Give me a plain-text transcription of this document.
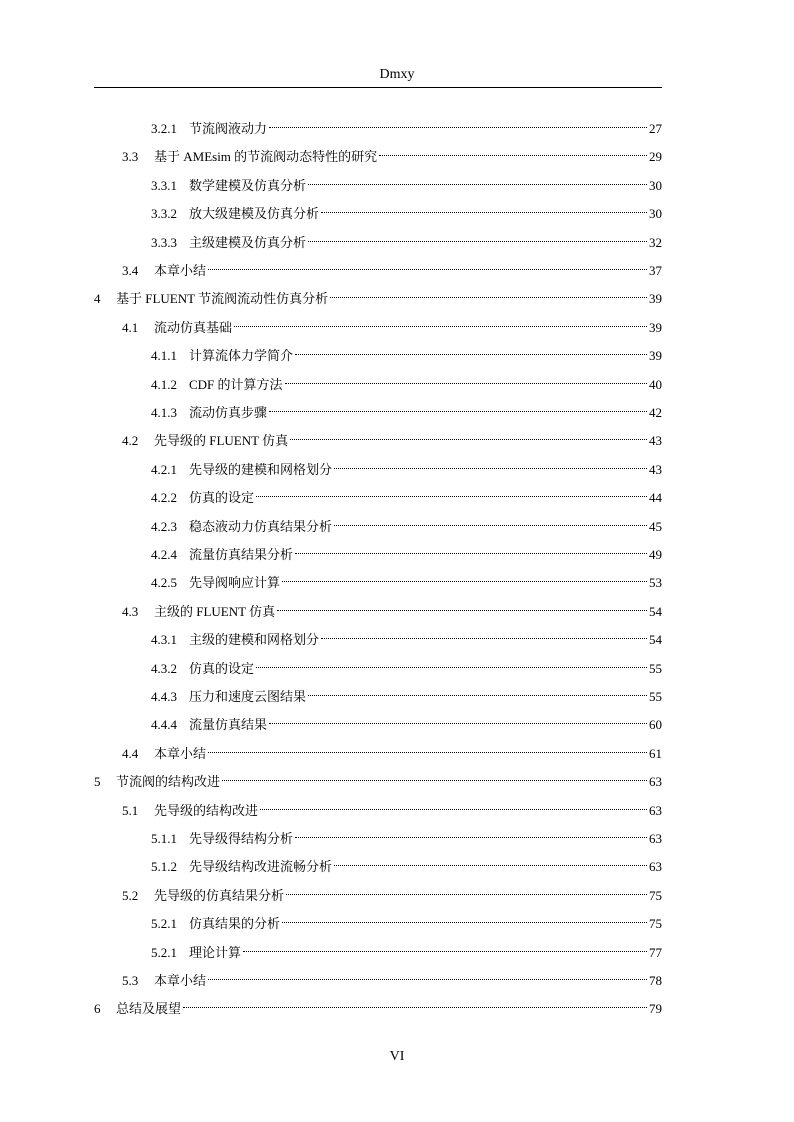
Dmxy
3.2.1 节流阀液动力	27
3.3	基于 AMEsim 的节流阀动态特性的研究	29
3.3.1 数学建模及仿真分析	30
3.3.2 放大级建模及仿真分析	30
3.3.3 主级建模及仿真分析	32
3.4	本章小结	37
4	基于 FLUENT 节流阀流动性仿真分析	39
4.1	流动仿真基础	39
4.1.1 计算流体力学简介	39
4.1.2 CDF 的计算方法	40
4.1.3 流动仿真步骤	42
4.2	先导级的 FLUENT 仿真	43
4.2.1 先导级的建模和网格划分	43
4.2.2 仿真的设定	44
4.2.3 稳态液动力仿真结果分析	45
4.2.4 流量仿真结果分析	49
4.2.5 先导阀响应计算	53
4.3	主级的 FLUENT 仿真	54
4.3.1 主级的建模和网格划分	54
4.3.2 仿真的设定	55
4.4.3 压力和速度云图结果	55
4.4.4 流量仿真结果	60
4.4	本章小结	61
5	节流阀的结构改进	63
5.1	先导级的结构改进	63
5.1.1 先导级得结构分析	63
5.1.2 先导级结构改进流畅分析	63
5.2	先导级的仿真结果分析	75
5.2.1 仿真结果的分析	75
5.2.1 理论计算	77
5.3	本章小结	78
6	总结及展望	79
VI
